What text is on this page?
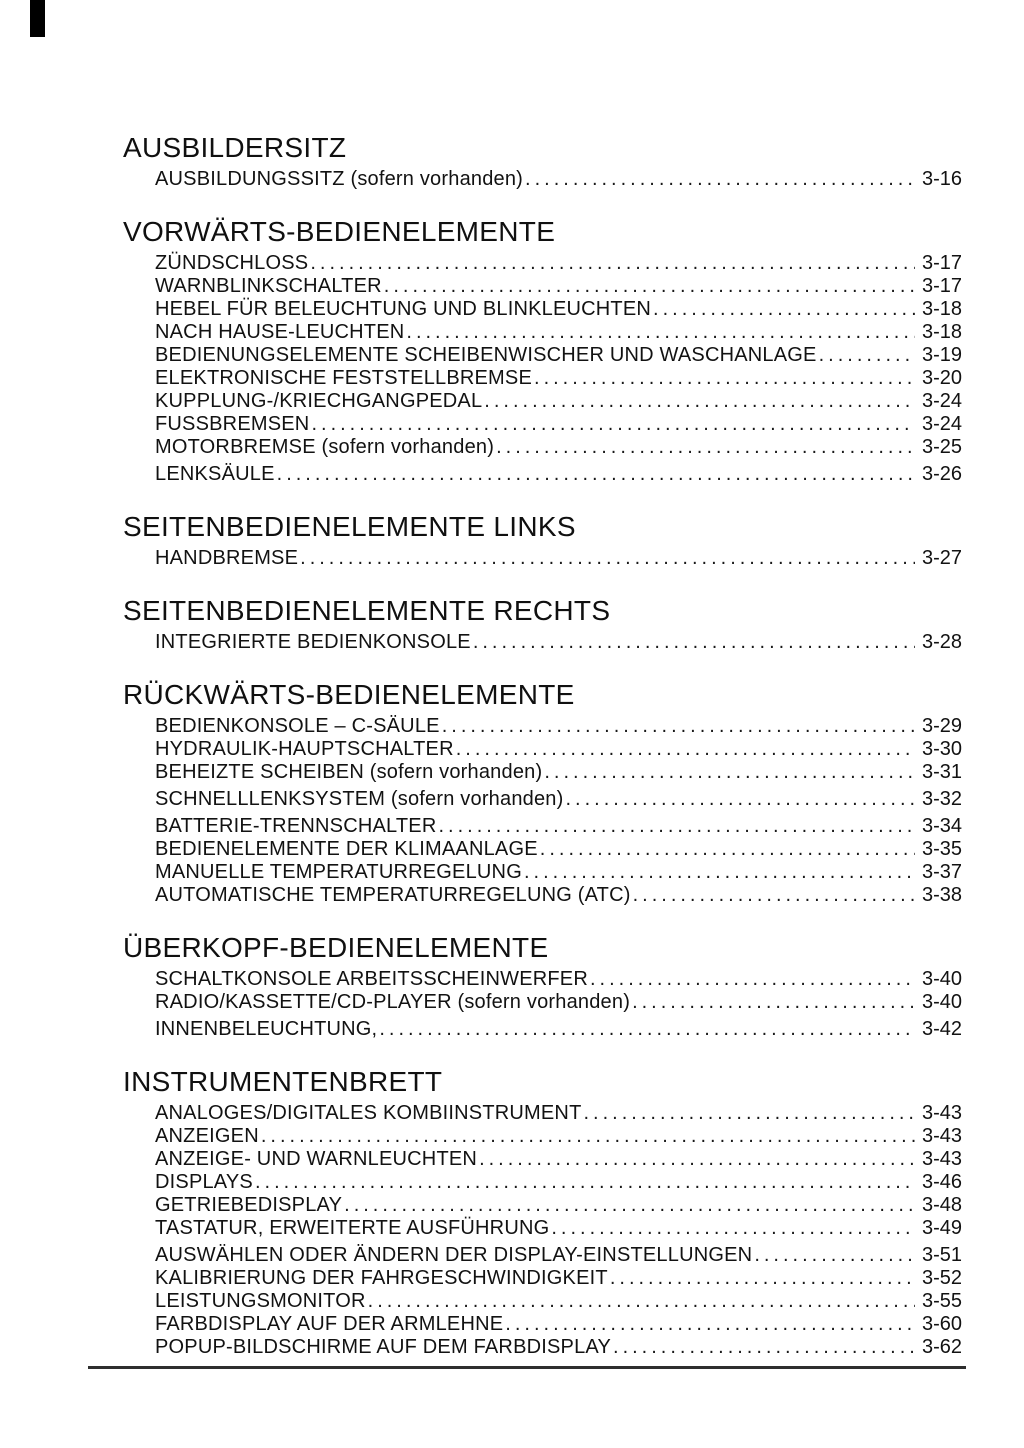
AUSBILDERSITZ
AUSBILDUNGSSITZ (sofern vorhanden) .....	3-16
VORWÄRTS-BEDIENELEMENTE
ZÜNDSCHLOSS .....	3-17
WARNBLINKSCHALTER .....	3-17
HEBEL FÜR BELEUCHTUNG UND BLINKLEUCHTEN .....	3-18
NACH HAUSE-LEUCHTEN .....	3-18
BEDIENUNGSELEMENTE SCHEIBENWISCHER UND WASCHANLAGE .....	3-19
ELEKTRONISCHE FESTSTELLBREMSE .....	3-20
KUPPLUNG-/KRIECHGANGPEDAL .....	3-24
FUSSBREMSEN .....	3-24
MOTORBREMSE (sofern vorhanden) .....	3-25
LENKSÄULE .....	3-26
SEITENBEDIENELEMENTE LINKS
HANDBREMSE .....	3-27
SEITENBEDIENELEMENTE RECHTS
INTEGRIERTE BEDIENKONSOLE .....	3-28
RÜCKWÄRTS-BEDIENELEMENTE
BEDIENKONSOLE – C-SÄULE .....	3-29
HYDRAULIK-HAUPTSCHALTER .....	3-30
BEHEIZTE SCHEIBEN (sofern vorhanden) .....	3-31
SCHNELLLENKSYSTEM (sofern vorhanden) .....	3-32
BATTERIE-TRENNSCHALTER .....	3-34
BEDIENELEMENTE DER KLIMAANLAGE .....	3-35
MANUELLE TEMPERATURREGELUNG .....	3-37
AUTOMATISCHE TEMPERATURREGELUNG (ATC) .....	3-38
ÜBERKOPF-BEDIENELEMENTE
SCHALTKONSOLE ARBEITSSCHEINWERFER .....	3-40
RADIO/KASSETTE/CD-PLAYER (sofern vorhanden) .....	3-40
INNENBELEUCHTUNG, .....	3-42
INSTRUMENTENBRETT
ANALOGES/DIGITALES KOMBIINSTRUMENT .....	3-43
ANZEIGEN .....	3-43
ANZEIGE- UND WARNLEUCHTEN .....	3-43
DISPLAYS .....	3-46
GETRIEBEDISPLAY .....	3-48
TASTATUR, ERWEITERTE AUSFÜHRUNG .....	3-49
AUSWÄHLEN ODER ÄNDERN DER DISPLAY-EINSTELLUNGEN .....	3-51
KALIBRIERUNG DER FAHRGESCHWINDIGKEIT .....	3-52
LEISTUNGSMONITOR .....	3-55
FARBDISPLAY AUF DER ARMLEHNE .....	3-60
POPUP-BILDSCHIRME AUF DEM FARBDISPLAY .....	3-62
